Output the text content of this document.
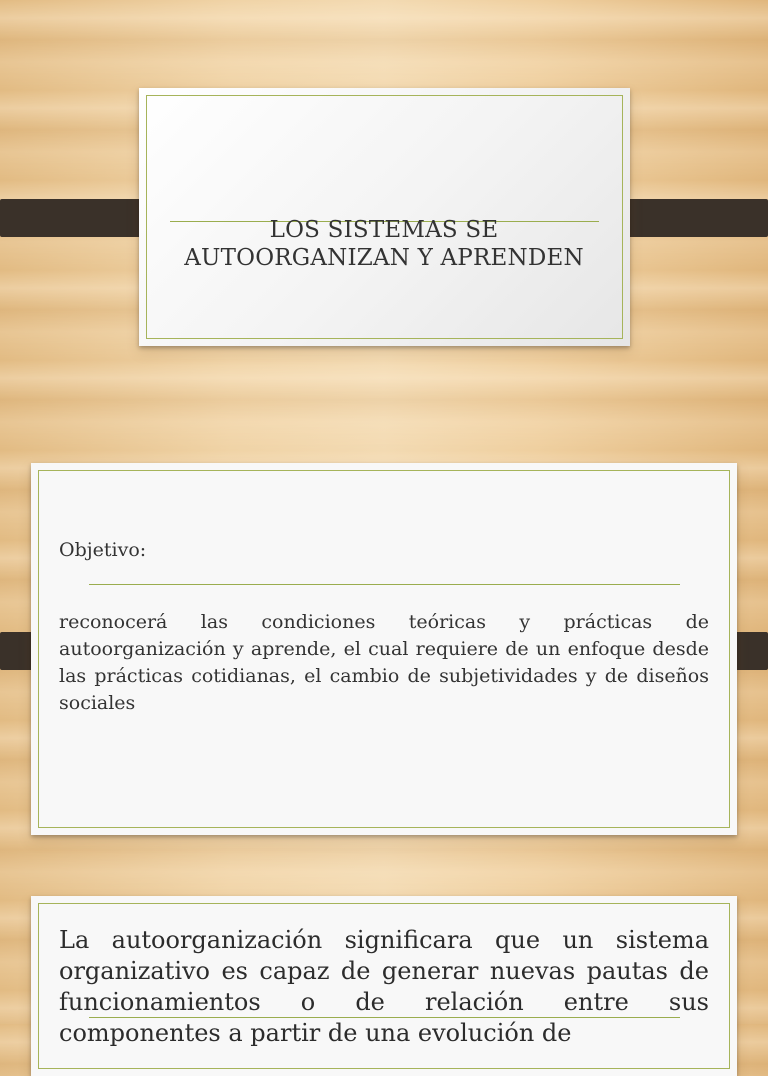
LOS SISTEMAS SE
AUTOORGANIZAN Y APRENDEN
Objetivo:

reconocerá las condiciones teóricas y prácticas de autoorganización y aprende, el cual requiere de un enfoque desde las prácticas cotidianas, el cambio de subjetividades y de diseños sociales

La autoorganización significara que un sistema organizativo es capaz de generar nuevas pautas de funcionamientos o de relación entre sus componentes a partir de una evolución de
